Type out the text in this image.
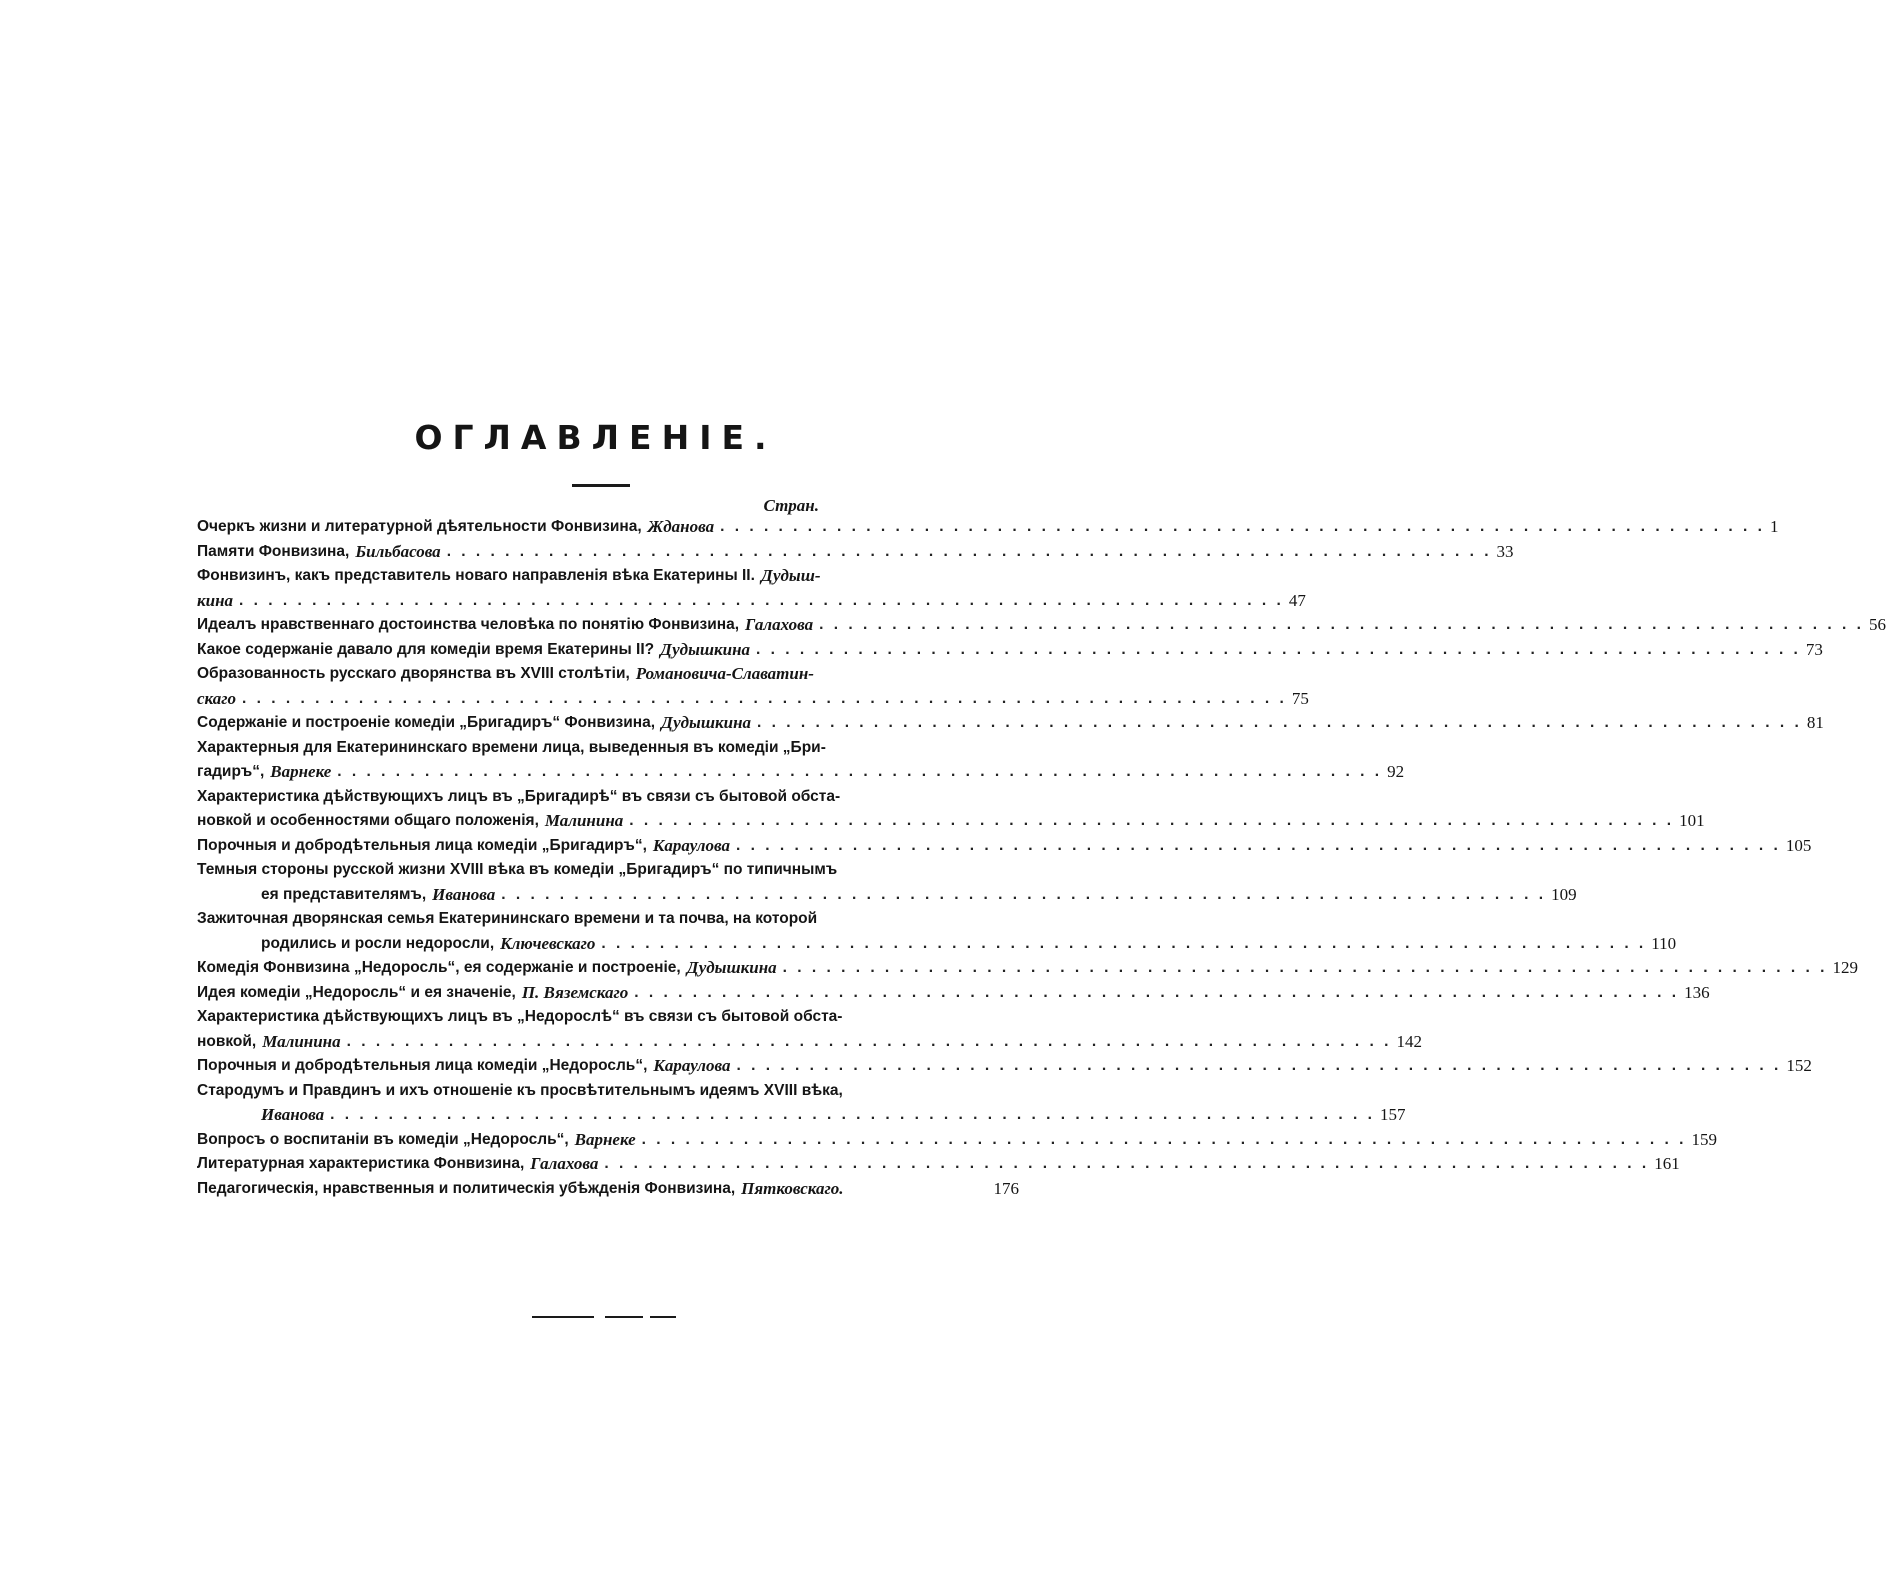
ОГЛАВЛЕНІЕ.
Стран.
Очеркъ жизни и литературной дѣятельности Фонвизина, Жданова . . .	1
Памяти Фонвизина, Бильбасова . . .	33
Фонвизинъ, какъ представитель новаго направленія вѣка Екатерины II. Дудыш-
кина . . .	47
Идеалъ нравственнаго достоинства человѣка по понятію Фонвизина, Галахова . . .	56
Какое содержаніе давало для комедіи время Екатерины II? Дудышкина . . .	73
Образованность русскаго дворянства въ XVIII столѣтіи, Романовича-Славатин-
скаго . . .	75
Содержаніе и построеніе комедіи „Бригадиръ“ Фонвизина, Дудышкина . . .	81
Характерныя для Екатерининскаго времени лица, выведенныя въ комедіи „Бри-
гадиръ“, Варнеке . . .	92
Характеристика дѣйствующихъ лицъ въ „Бригадирѣ“ въ связи съ бытовой обста-
новкой и особенностями общаго положенія, Малинина . . .	101
Порочныя и добродѣтельныя лица комедіи „Бригадиръ“, Караулова . . .	105
Темныя стороны русской жизни XVIII вѣка въ комедіи „Бригадиръ“ по типичнымъ
ея представителямъ, Иванова . . .	109
Зажиточная дворянская семья Екатерининскаго времени и та почва, на которой
родились и росли недоросли, Ключевскаго . . .	110
Комедія Фонвизина „Недоросль“, ея содержаніе и построеніе, Дудышкина . . .	129
Идея комедіи „Недоросль“ и ея значеніе, П. Вяземскаго . . .	136
Характеристика дѣйствующихъ лицъ въ „Недорослѣ“ въ связи съ бытовой обста-
новкой, Малинина . . .	142
Порочныя и добродѣтельныя лица комедіи „Недоросль“, Караулова . . .	152
Стародумъ и Правдинъ и ихъ отношеніе къ просвѣтительнымъ идеямъ XVIII вѣка,
Иванова . . .	157
Вопросъ о воспитаніи въ комедіи „Недоросль“, Варнеке . . .	159
Литературная характеристика Фонвизина, Галахова . . .	161
Педагогическія, нравственныя и политическія убѣжденія Фонвизина, Пятковскаго.	176
